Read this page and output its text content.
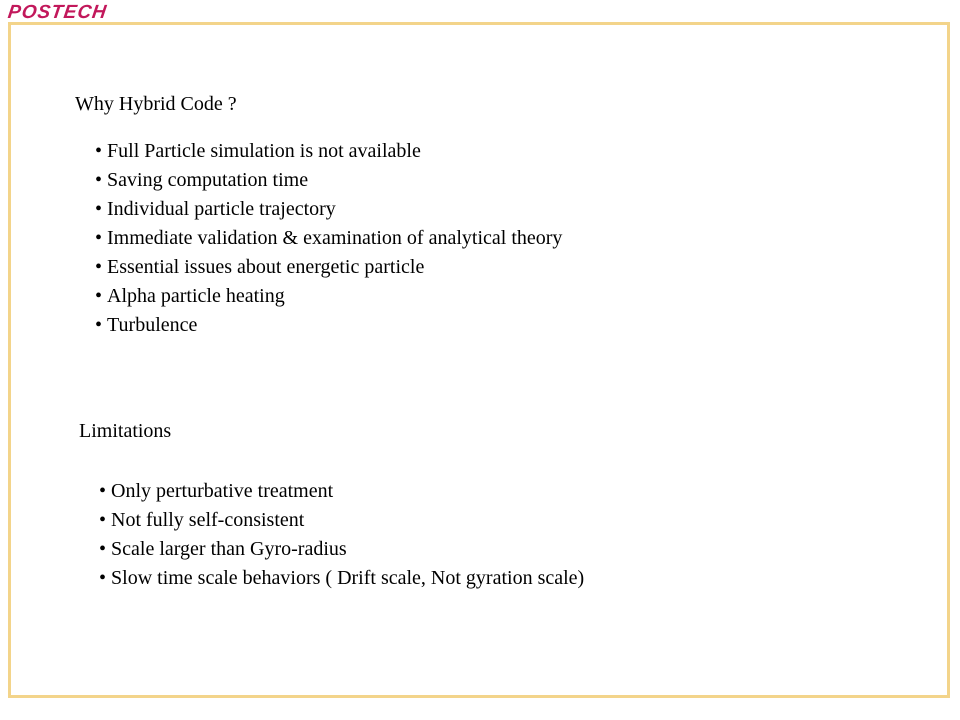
POSTECH
Why Hybrid Code ?
• Full Particle simulation is not available
• Saving computation time
• Individual particle trajectory
• Immediate validation & examination of analytical theory
• Essential issues about energetic particle
• Alpha particle heating
• Turbulence
Limitations
• Only perturbative treatment
• Not fully self-consistent
• Scale larger than Gyro-radius
• Slow time scale behaviors ( Drift scale, Not gyration scale)
